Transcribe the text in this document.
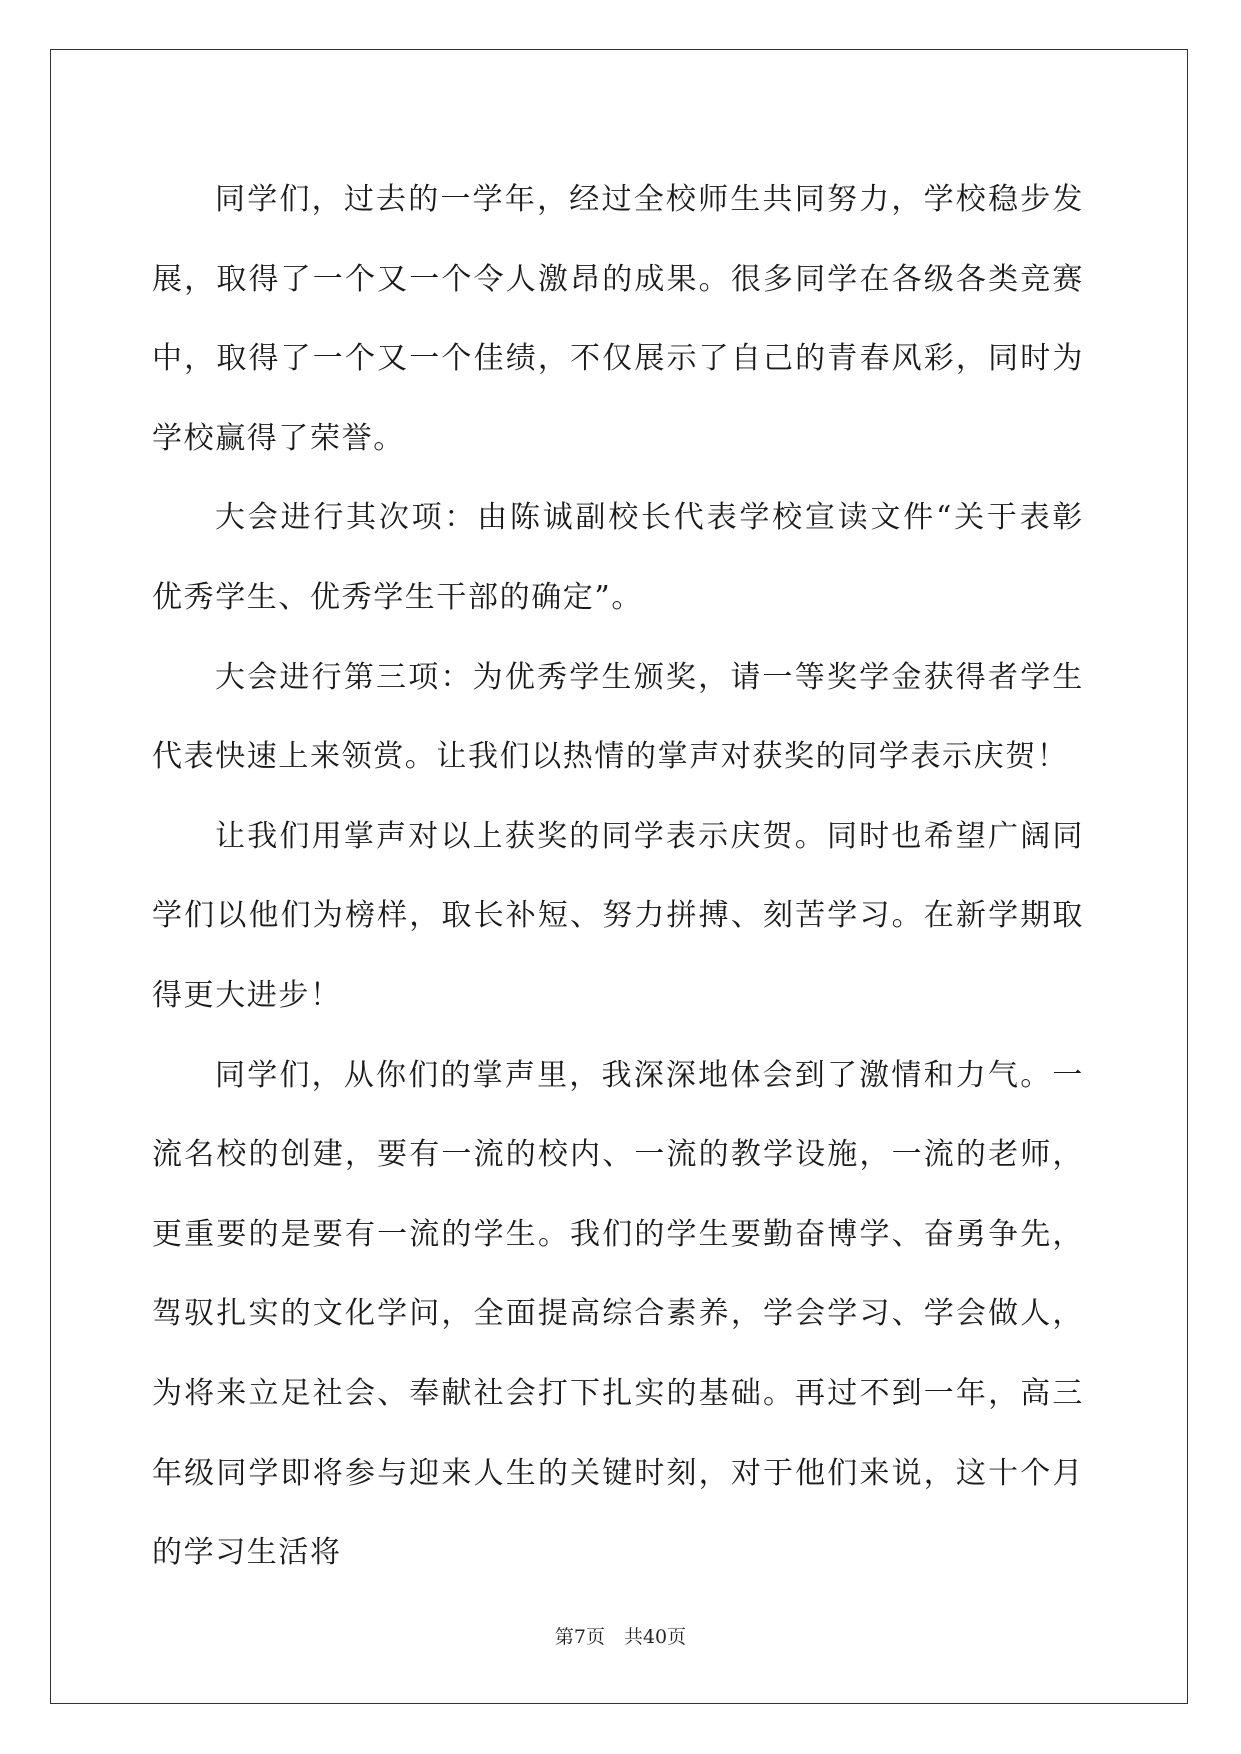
同学们，过去的一学年，经过全校师生共同努力，学校稳步发展，取得了一个又一个令人激昂的成果。很多同学在各级各类竞赛中，取得了一个又一个佳绩，不仅展示了自己的青春风彩，同时为学校赢得了荣誉。

大会进行其次项：由陈诚副校长代表学校宣读文件“关于表彰优秀学生、优秀学生干部的确定”。

大会进行第三项：为优秀学生颁奖，请一等奖学金获得者学生代表快速上来领赏。让我们以热情的掌声对获奖的同学表示庆贺！

让我们用掌声对以上获奖的同学表示庆贺。同时也希望广阔同学们以他们为榜样，取长补短、努力拼搏、刻苦学习。在新学期取得更大进步！

同学们，从你们的掌声里，我深深地体会到了激情和力气。一流名校的创建，要有一流的校内、一流的教学设施，一流的老师，更重要的是要有一流的学生。我们的学生要勤奋博学、奋勇争先，驾驭扎实的文化学问，全面提高综合素养，学会学习、学会做人，为将来立足社会、奉献社会打下扎实的基础。再过不到一年，高三年级同学即将参与迎来人生的关键时刻，对于他们来说，这十个月的学习生活将

第7页　共40页
